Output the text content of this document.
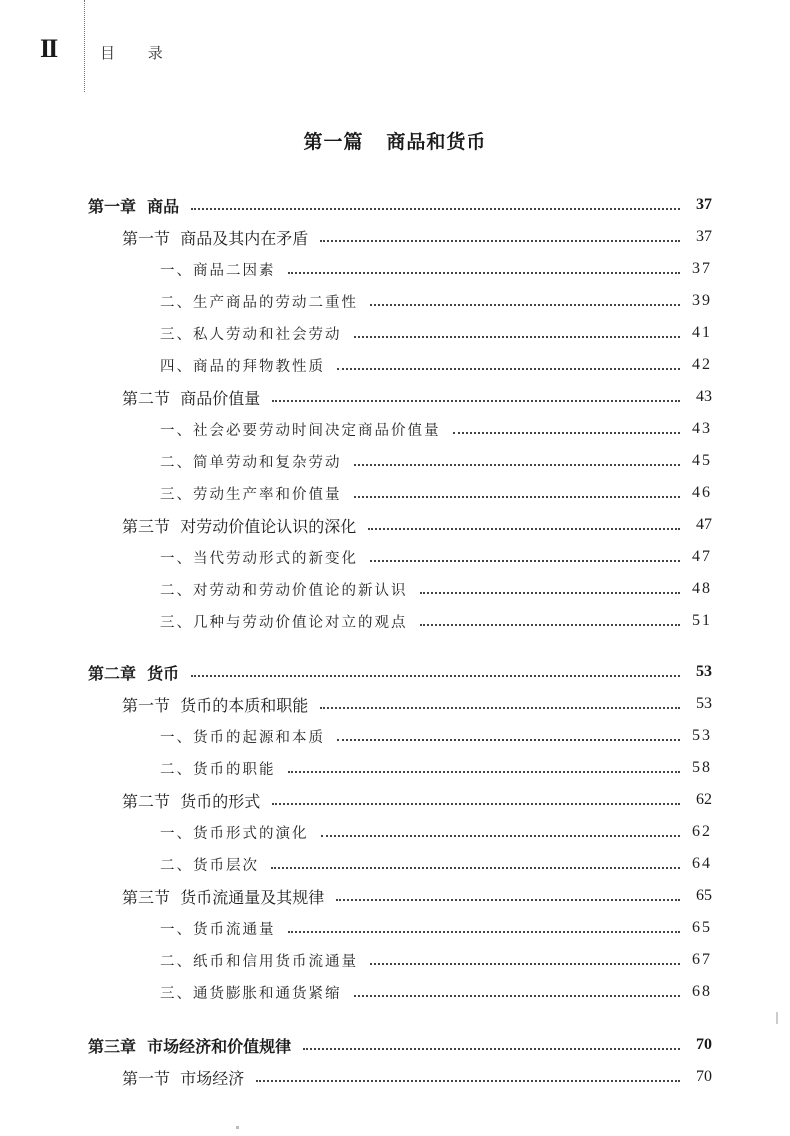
II	目 录
第一篇 商品和货币
第一章 商品	37
第一节 商品及其内在矛盾	37
一、商品二因素	37
二、生产商品的劳动二重性	39
三、私人劳动和社会劳动	41
四、商品的拜物教性质	42
第二节 商品价值量	43
一、社会必要劳动时间决定商品价值量	43
二、简单劳动和复杂劳动	45
三、劳动生产率和价值量	46
第三节 对劳动价值论认识的深化	47
一、当代劳动形式的新变化	47
二、对劳动和劳动价值论的新认识	48
三、几种与劳动价值论对立的观点	51
第二章 货币	53
第一节 货币的本质和职能	53
一、货币的起源和本质	53
二、货币的职能	58
第二节 货币的形式	62
一、货币形式的演化	62
二、货币层次	64
第三节 货币流通量及其规律	65
一、货币流通量	65
二、纸币和信用货币流通量	67
三、通货膨胀和通货紧缩	68
第三章 市场经济和价值规律	70
第一节 市场经济	70
